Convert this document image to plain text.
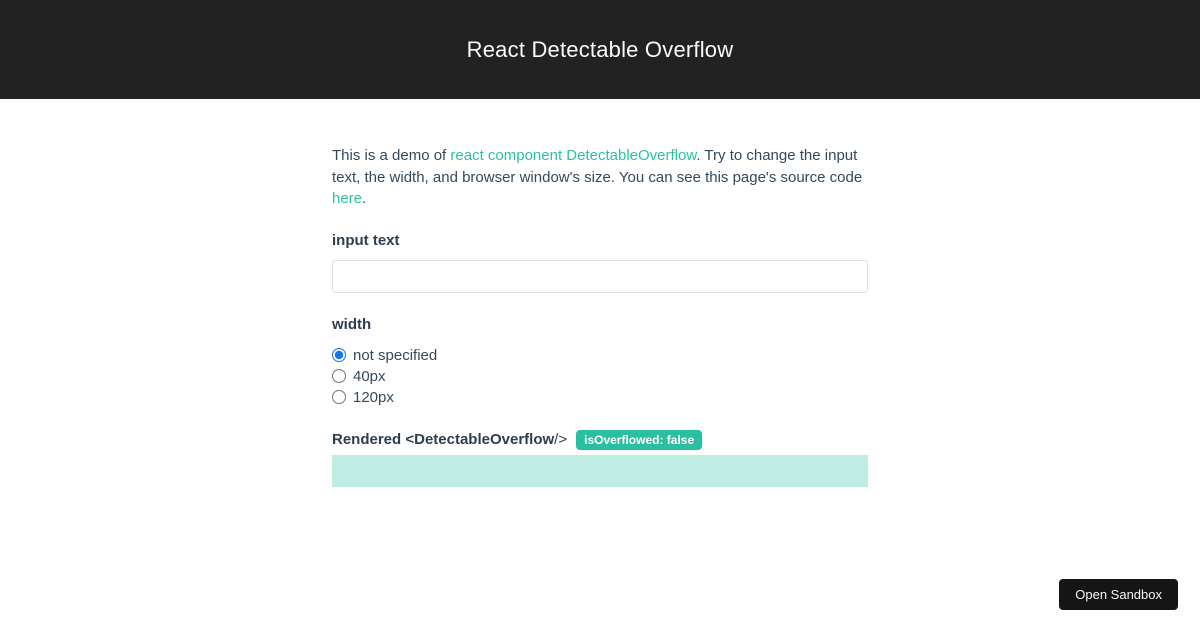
React Detectable Overflow

This is a demo of react component DetectableOverflow. Try to change the input text, the width, and browser window's size. You can see this page's source code here.

input text
width
not specified
40px
120px
Rendered <DetectableOverflow />	isOverflowed: false
Open Sandbox
